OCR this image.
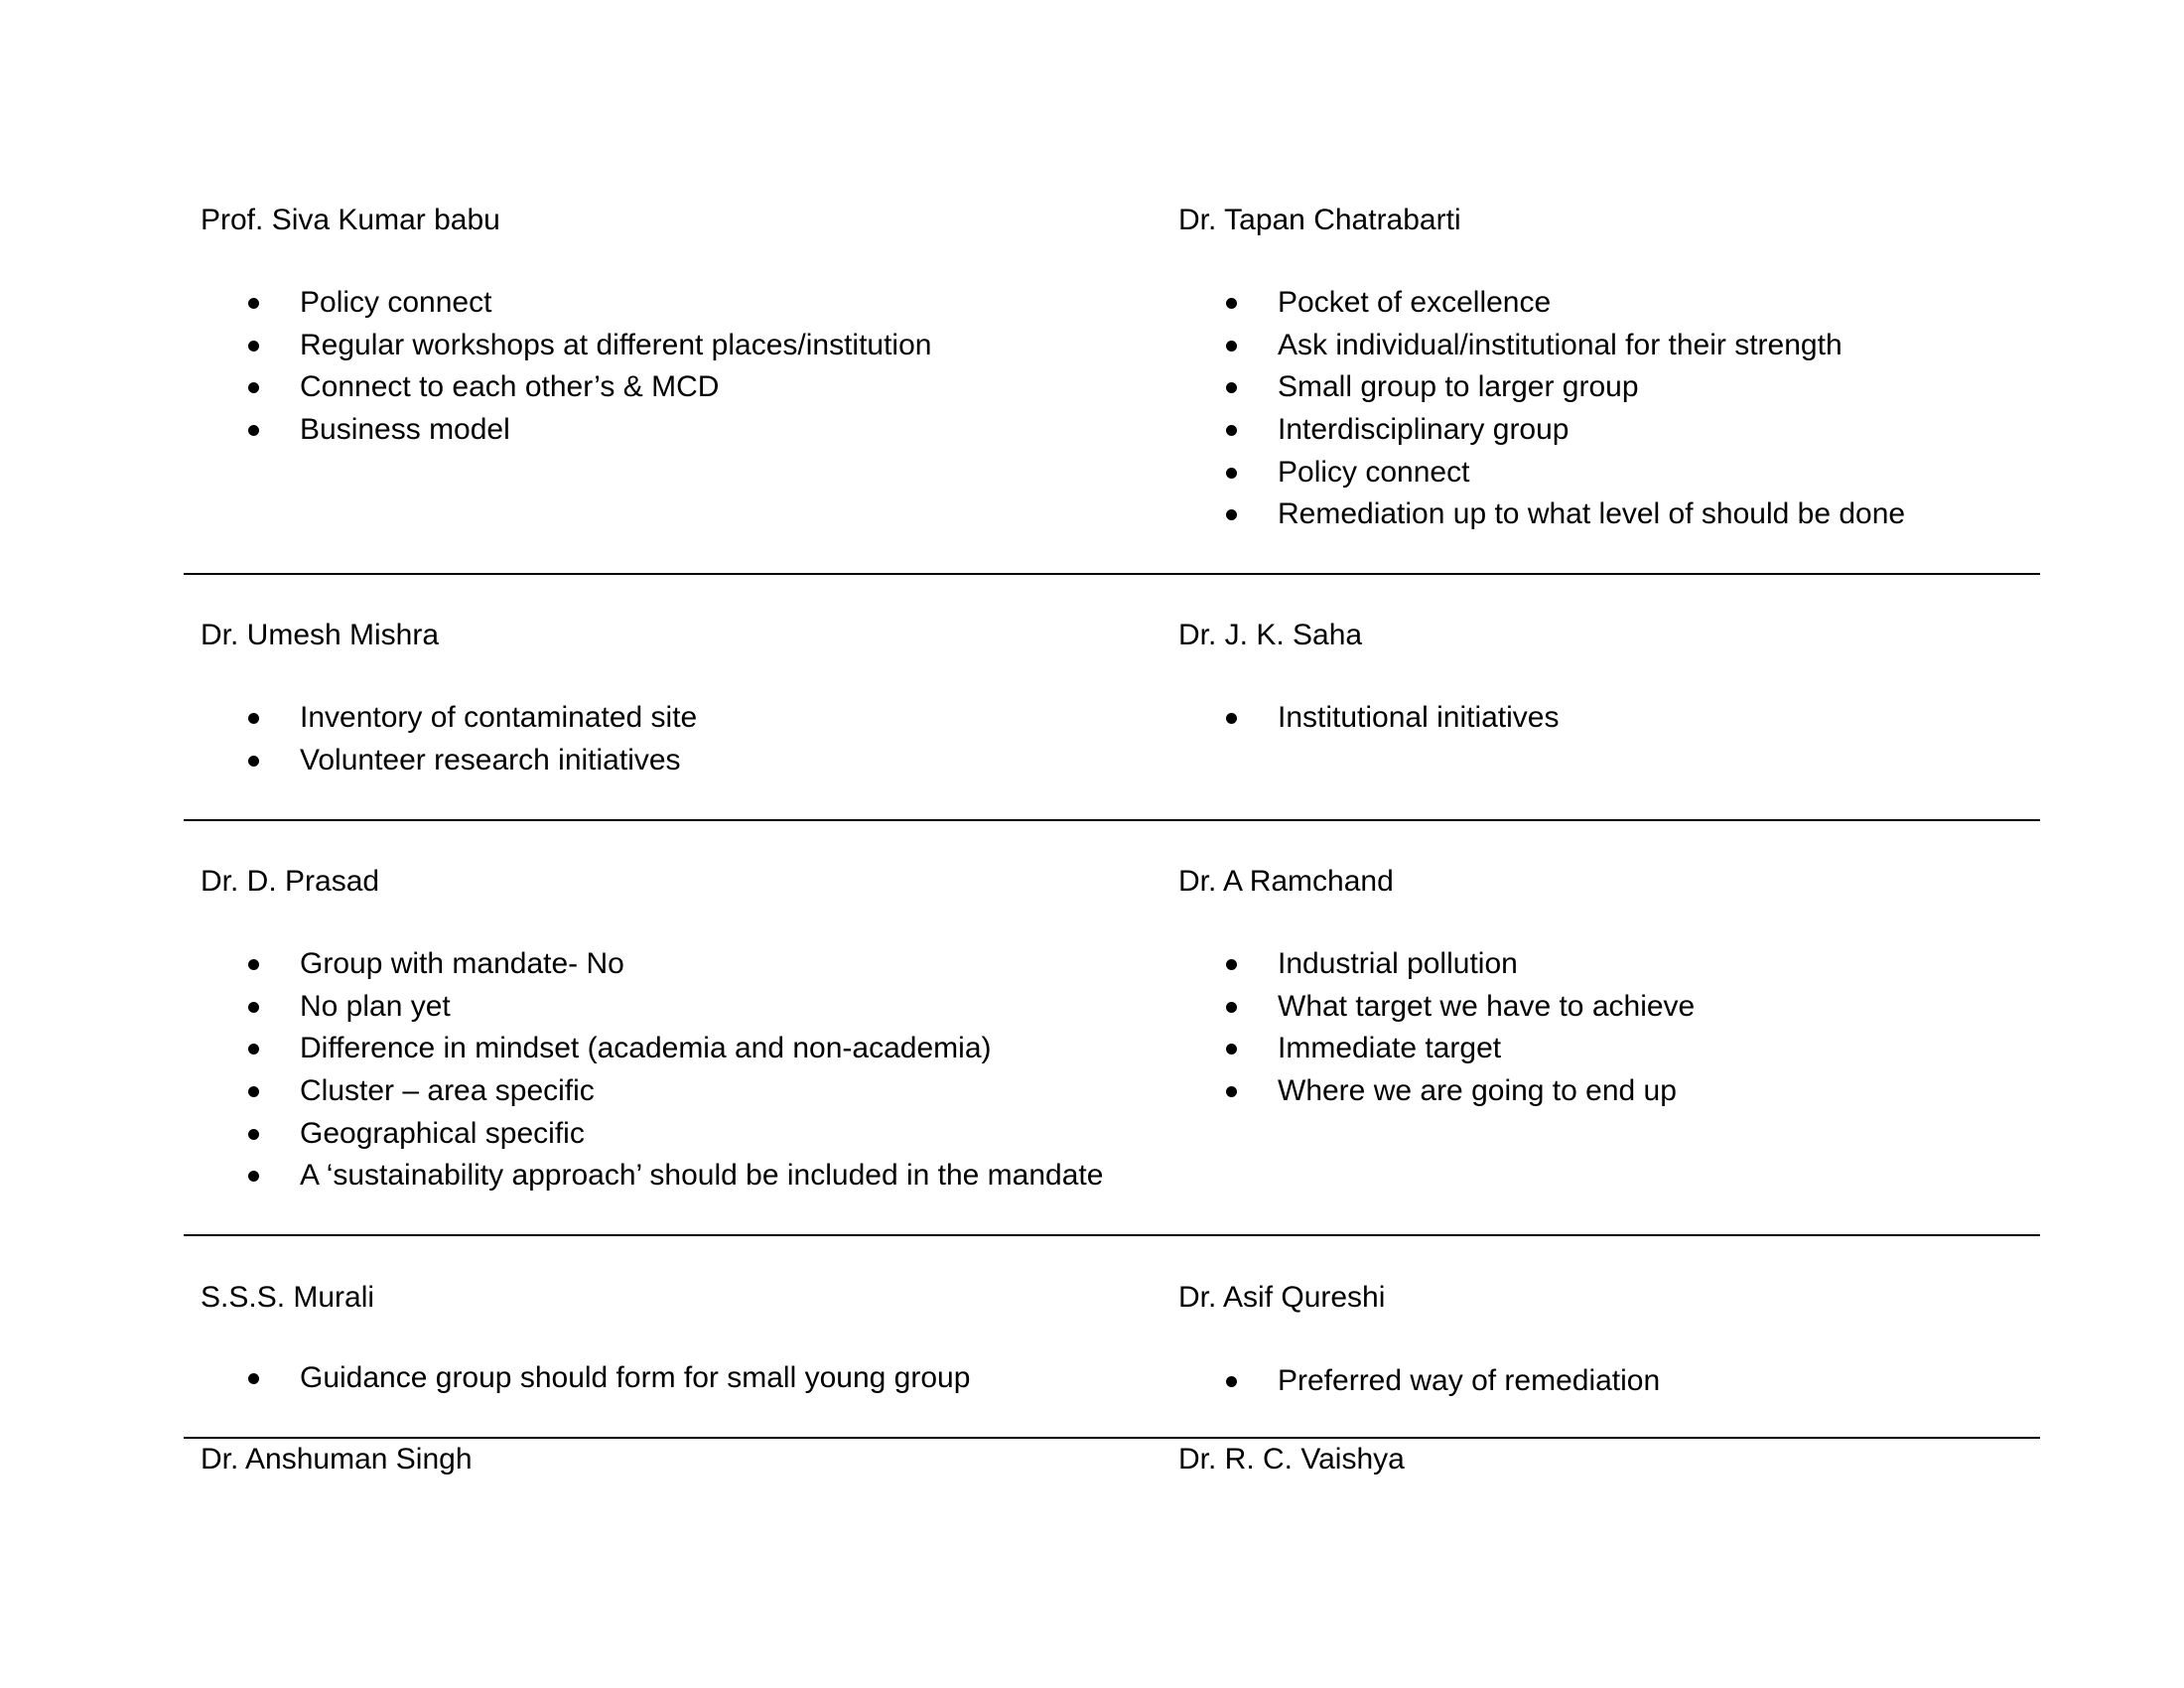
Prof. Siva Kumar babu
Policy connect
Regular workshops at different places/institution
Connect to each other’s & MCD
Business model
Dr. Tapan Chatrabarti
Pocket of excellence
Ask individual/institutional for their strength
Small group to larger group
Interdisciplinary group
Policy connect
Remediation up to what level of should be done
Dr. Umesh Mishra
Inventory of contaminated site
Volunteer research initiatives
Dr. J. K. Saha
Institutional initiatives
Dr. D. Prasad
Group with mandate- No
No plan yet
Difference in mindset (academia and non-academia)
Cluster – area specific
Geographical specific
A ‘sustainability approach’ should be included in the mandate
Dr. A Ramchand
Industrial pollution
What target we have to achieve
Immediate target
Where we are going to end up
S.S.S. Murali
Guidance group should form for small young group
Dr. Asif Qureshi
Preferred way of remediation
Dr. Anshuman Singh	Dr. R. C. Vaishya
